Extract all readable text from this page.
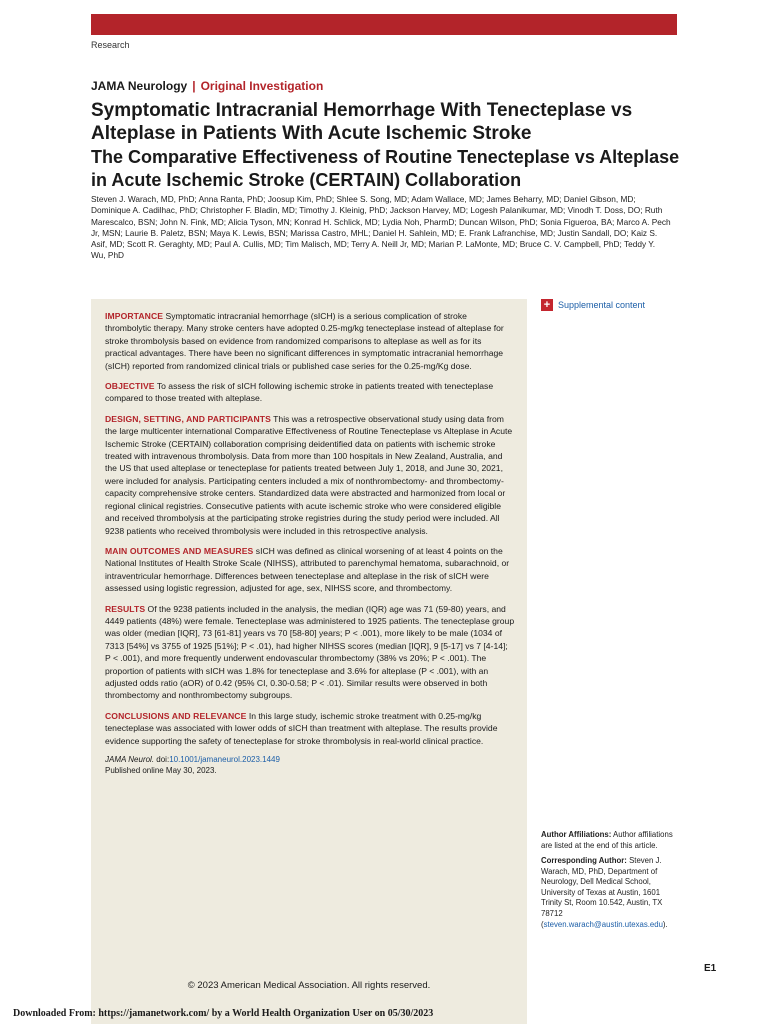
Research
JAMA Neurology | Original Investigation
Symptomatic Intracranial Hemorrhage With Tenecteplase vs Alteplase in Patients With Acute Ischemic Stroke
The Comparative Effectiveness of Routine Tenecteplase vs Alteplase in Acute Ischemic Stroke (CERTAIN) Collaboration

Steven J. Warach, MD, PhD; Anna Ranta, PhD; Joosup Kim, PhD; Shlee S. Song, MD; Adam Wallace, MD; James Beharry, MD; Daniel Gibson, MD; Dominique A. Cadilhac, PhD; Christopher F. Bladin, MD; Timothy J. Kleinig, PhD; Jackson Harvey, MD; Logesh Palanikumar, MD; Vinodh T. Doss, DO; Ruth Marescalco, BSN; John N. Fink, MD; Alicia Tyson, MN; Konrad H. Schlick, MD; Lydia Noh, PharmD; Duncan Wilson, PhD; Sonia Figueroa, BA; Marco A. Pech Jr, MSN; Laurie B. Paletz, BSN; Maya K. Lewis, BSN; Marissa Castro, MHL; Daniel H. Sahlein, MD; E. Frank Lafranchise, MD; Justin Sandall, DO; Kaiz S. Asif, MD; Scott R. Geraghty, MD; Paul A. Cullis, MD; Tim Malisch, MD; Terry A. Neill Jr, MD; Marian P. LaMonte, MD; Bruce C. V. Campbell, PhD; Teddy Y. Wu, PhD

+ Supplemental content

IMPORTANCE Symptomatic intracranial hemorrhage (sICH) is a serious complication of stroke thrombolytic therapy. Many stroke centers have adopted 0.25-mg/kg tenecteplase instead of alteplase for stroke thrombolysis based on evidence from randomized comparisons to alteplase as well as for its practical advantages. There have been no significant differences in symptomatic intracranial hemorrhage (sICH) reported from randomized clinical trials or published case series for the 0.25-mg/Kg dose.

OBJECTIVE To assess the risk of sICH following ischemic stroke in patients treated with tenecteplase compared to those treated with alteplase.

DESIGN, SETTING, AND PARTICIPANTS This was a retrospective observational study using data from the large multicenter international Comparative Effectiveness of Routine Tenecteplase vs Alteplase in Acute Ischemic Stroke (CERTAIN) collaboration comprising deidentified data on patients with ischemic stroke treated with intravenous thrombolysis. Data from more than 100 hospitals in New Zealand, Australia, and the US that used alteplase or tenecteplase for patients treated between July 1, 2018, and June 30, 2021, were included for analysis. Participating centers included a mix of nonthrombectomy- and thrombectomy-capacity comprehensive stroke centers. Standardized data were abstracted and harmonized from local or regional clinical registries. Consecutive patients with acute ischemic stroke who were considered eligible and received thrombolysis at the participating stroke registries during the study period were included. All 9238 patients who received thrombolysis were included in this retrospective analysis.

MAIN OUTCOMES AND MEASURES sICH was defined as clinical worsening of at least 4 points on the National Institutes of Health Stroke Scale (NIHSS), attributed to parenchymal hematoma, subarachnoid, or intraventricular hemorrhage. Differences between tenecteplase and alteplase in the risk of sICH were assessed using logistic regression, adjusted for age, sex, NIHSS score, and thrombectomy.

RESULTS Of the 9238 patients included in the analysis, the median (IQR) age was 71 (59-80) years, and 4449 patients (48%) were female. Tenecteplase was administered to 1925 patients. The tenecteplase group was older (median [IQR], 73 [61-81] years vs 70 [58-80] years; P < .001), more likely to be male (1034 of 7313 [54%] vs 3755 of 1925 [51%]; P < .01), had higher NIHSS scores (median [IQR], 9 [5-17] vs 7 [4-14]; P < .001), and more frequently underwent endovascular thrombectomy (38% vs 20%; P < .001). The proportion of patients with sICH was 1.8% for tenecteplase and 3.6% for alteplase (P < .001), with an adjusted odds ratio (aOR) of 0.42 (95% CI, 0.30-0.58; P < .01). Similar results were observed in both thrombectomy and nonthrombectomy subgroups.

CONCLUSIONS AND RELEVANCE In this large study, ischemic stroke treatment with 0.25-mg/kg tenecteplase was associated with lower odds of sICH than treatment with alteplase. The results provide evidence supporting the safety of tenecteplase for stroke thrombolysis in real-world clinical practice.

JAMA Neurol. doi:10.1001/jamaneurol.2023.1449

Published online May 30, 2023.

© 2023 American Medical Association. All rights reserved.
Author Affiliations: Author affiliations are listed at the end of this article.
Corresponding Author: Steven J. Warach, MD, PhD, Department of Neurology, Dell Medical School, University of Texas at Austin, 1601 Trinity St, Room 10.542, Austin, TX 78712 (steven.warach@austin.utexas.edu).
E1
Downloaded From: https://jamanetwork.com/ by a World Health Organization User on 05/30/2023
